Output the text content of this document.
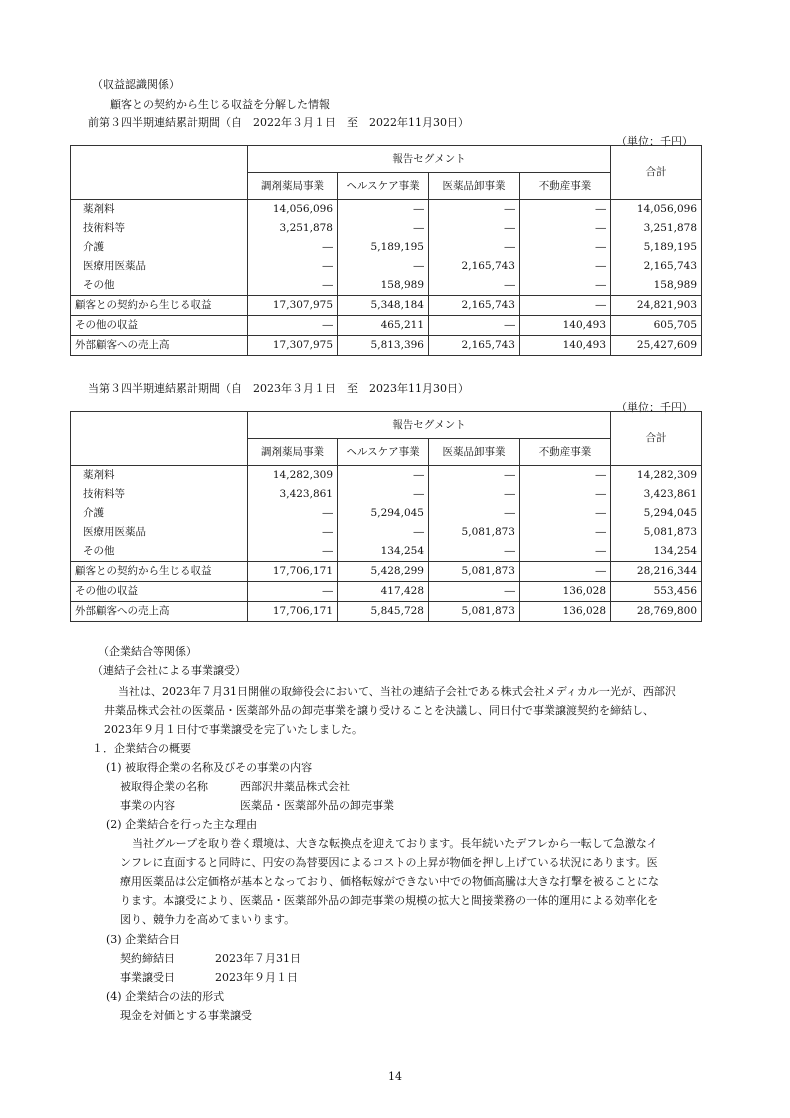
（収益認識関係）
顧客との契約から生じる収益を分解した情報
前第３四半期連結累計期間（自　2022年３月１日　至　2022年11月30日）
（単位：千円）
	報告セグメント				合計
	調剤薬局事業	ヘルスケア事業	医薬品卸事業	不動産事業	
薬剤料	14,056,096	―	―	―	14,056,096
技術料等	3,251,878	―	―	―	3,251,878
介護	―	5,189,195	―	―	5,189,195
医療用医薬品	―	―	2,165,743	―	2,165,743
その他	―	158,989	―	―	158,989
顧客との契約から生じる収益	17,307,975	5,348,184	2,165,743	―	24,821,903
その他の収益	―	465,211	―	140,493	605,705
外部顧客への売上高	17,307,975	5,813,396	2,165,743	140,493	25,427,609
当第３四半期連結累計期間（自　2023年３月１日　至　2023年11月30日）
（単位：千円）
	報告セグメント				合計
	調剤薬局事業	ヘルスケア事業	医薬品卸事業	不動産事業	
薬剤料	14,282,309	―	―	―	14,282,309
技術料等	3,423,861	―	―	―	3,423,861
介護	―	5,294,045	―	―	5,294,045
医療用医薬品	―	―	5,081,873	―	5,081,873
その他	―	134,254	―	―	134,254
顧客との契約から生じる収益	17,706,171	5,428,299	5,081,873	―	28,216,344
その他の収益	―	417,428	―	136,028	553,456
外部顧客への売上高	17,706,171	5,845,728	5,081,873	136,028	28,769,800
（企業結合等関係）
（連結子会社による事業譲受）
当社は、2023年７月31日開催の取締役会において、当社の連結子会社である株式会社メディカル一光が、西部沢
井薬品株式会社の医薬品・医薬部外品の卸売事業を譲り受けることを決議し、同日付で事業譲渡契約を締結し、
2023年９月１日付で事業譲受を完了いたしました。
１．企業結合の概要
(1) 被取得企業の名称及びその事業の内容
被取得企業の名称	西部沢井薬品株式会社
事業の内容	医薬品・医薬部外品の卸売事業
(2) 企業結合を行った主な理由
当社グループを取り巻く環境は、大きな転換点を迎えております。長年続いたデフレから一転して急激なイ
ンフレに直面すると同時に、円安の為替要因によるコストの上昇が物価を押し上げている状況にあります。医
療用医薬品は公定価格が基本となっており、価格転嫁ができない中での物価高騰は大きな打撃を被ることにな
ります。本譲受により、医薬品・医薬部外品の卸売事業の規模の拡大と間接業務の一体的運用による効率化を
図り、競争力を高めてまいります。
(3) 企業結合日
契約締結日	2023年７月31日
事業譲受日	2023年９月１日
(4) 企業結合の法的形式
現金を対価とする事業譲受
14
